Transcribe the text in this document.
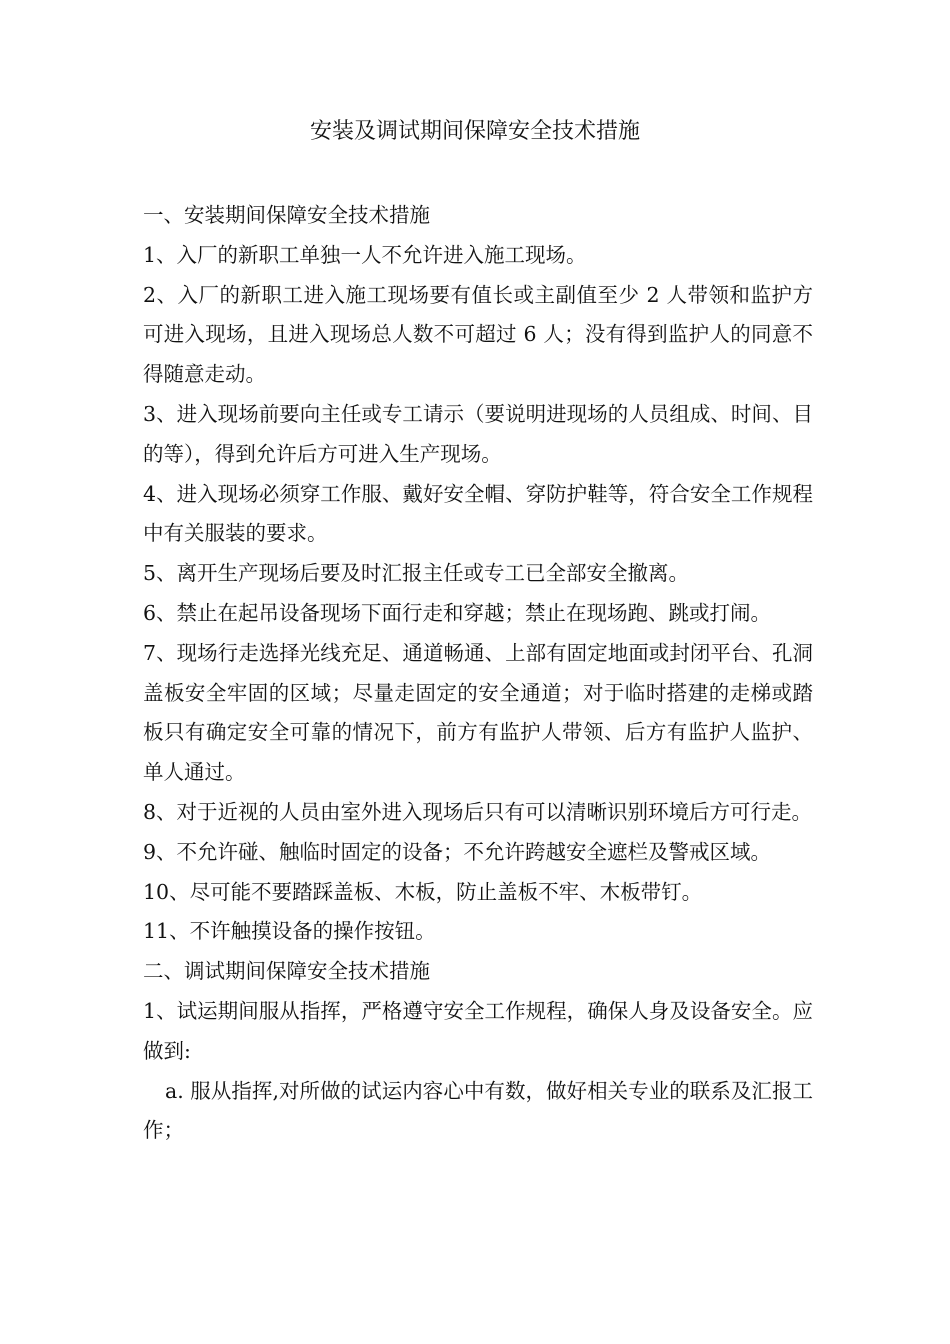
安装及调试期间保障安全技术措施

一、安装期间保障安全技术措施

1、入厂的新职工单独一人不允许进入施工现场。

2、入厂的新职工进入施工现场要有值长或主副值至少 2 人带领和监护方可进入现场，且进入现场总人数不可超过 6 人；没有得到监护人的同意不得随意走动。

3、进入现场前要向主任或专工请示（要说明进现场的人员组成、时间、目的等），得到允许后方可进入生产现场。

4、进入现场必须穿工作服、戴好安全帽、穿防护鞋等，符合安全工作规程中有关服装的要求。

5、离开生产现场后要及时汇报主任或专工已全部安全撤离。

6、禁止在起吊设备现场下面行走和穿越；禁止在现场跑、跳或打闹。

7、现场行走选择光线充足、通道畅通、上部有固定地面或封闭平台、孔洞盖板安全牢固的区域；尽量走固定的安全通道；对于临时搭建的走梯或踏板只有确定安全可靠的情况下，前方有监护人带领、后方有监护人监护、单人通过。

8、对于近视的人员由室外进入现场后只有可以清晰识别环境后方可行走。

9、不允许碰、触临时固定的设备；不允许跨越安全遮栏及警戒区域。

10、尽可能不要踏踩盖板、木板，防止盖板不牢、木板带钉。

11、不许触摸设备的操作按钮。

二、调试期间保障安全技术措施

1、试运期间服从指挥，严格遵守安全工作规程，确保人身及设备安全。应做到:

a. 服从指挥,对所做的试运内容心中有数，做好相关专业的联系及汇报工作；
